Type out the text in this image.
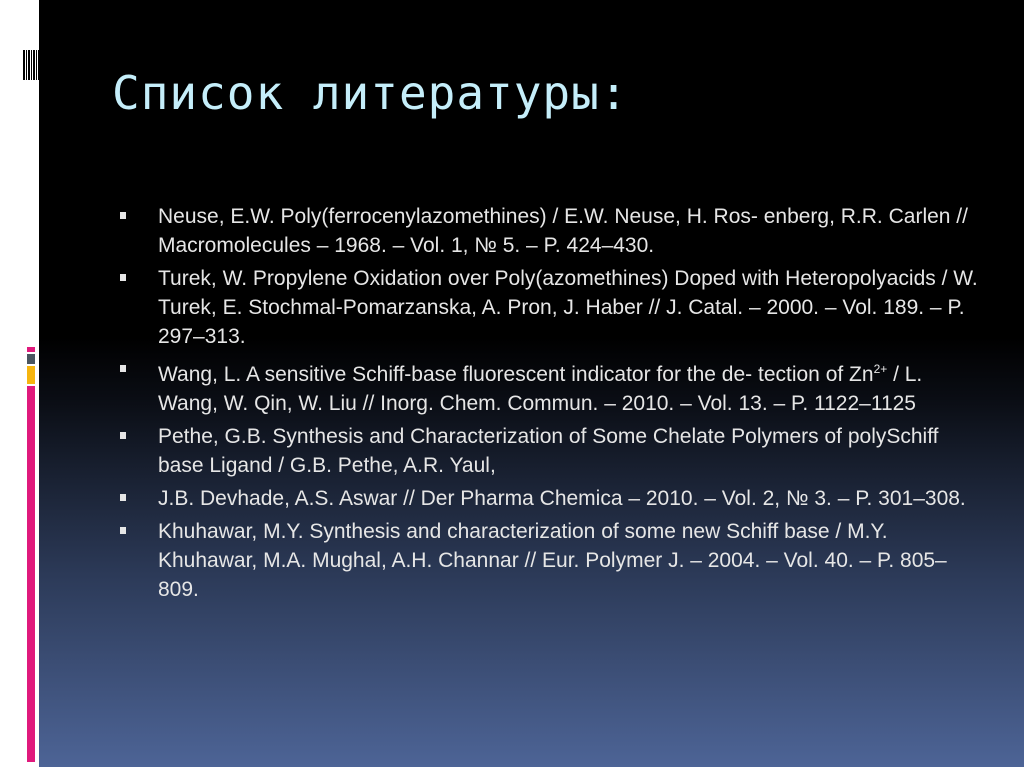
Список литературы:
Neuse, E.W. Poly(ferrocenylazomethines) / E.W. Neuse, H. Ros- enberg, R.R. Carlen // Macromolecules – 1968. – Vol. 1, № 5. – P. 424–430.
Turek, W. Propylene Oxidation over Poly(azomethines) Doped with Heteropolyacids / W. Turek, E. Stochmal-Pomarzanska, A. Pron, J. Haber // J. Catal. – 2000. – Vol. 189. – P. 297–313.
Wang, L. A sensitive Schiff-base fluorescent indicator for the de- tection of $Zn^{2+}$ / L. Wang, W. Qin, W. Liu // Inorg. Chem. Commun. – 2010. – Vol. 13. – P. 1122–1125
Pethe, G.B. Synthesis and Characterization of Some Chelate Polymers of polySchiff base Ligand / G.B. Pethe, A.R. Yaul,
J.B. Devhade, A.S. Aswar // Der Pharma Chemica – 2010. – Vol. 2, № 3. – P. 301–308.
Khuhawar, M.Y. Synthesis and characterization of some new Schiff base / M.Y. Khuhawar, M.A. Mughal, A.H. Channar // Eur. Polymer J. – 2004. – Vol. 40. – P. 805–809.
